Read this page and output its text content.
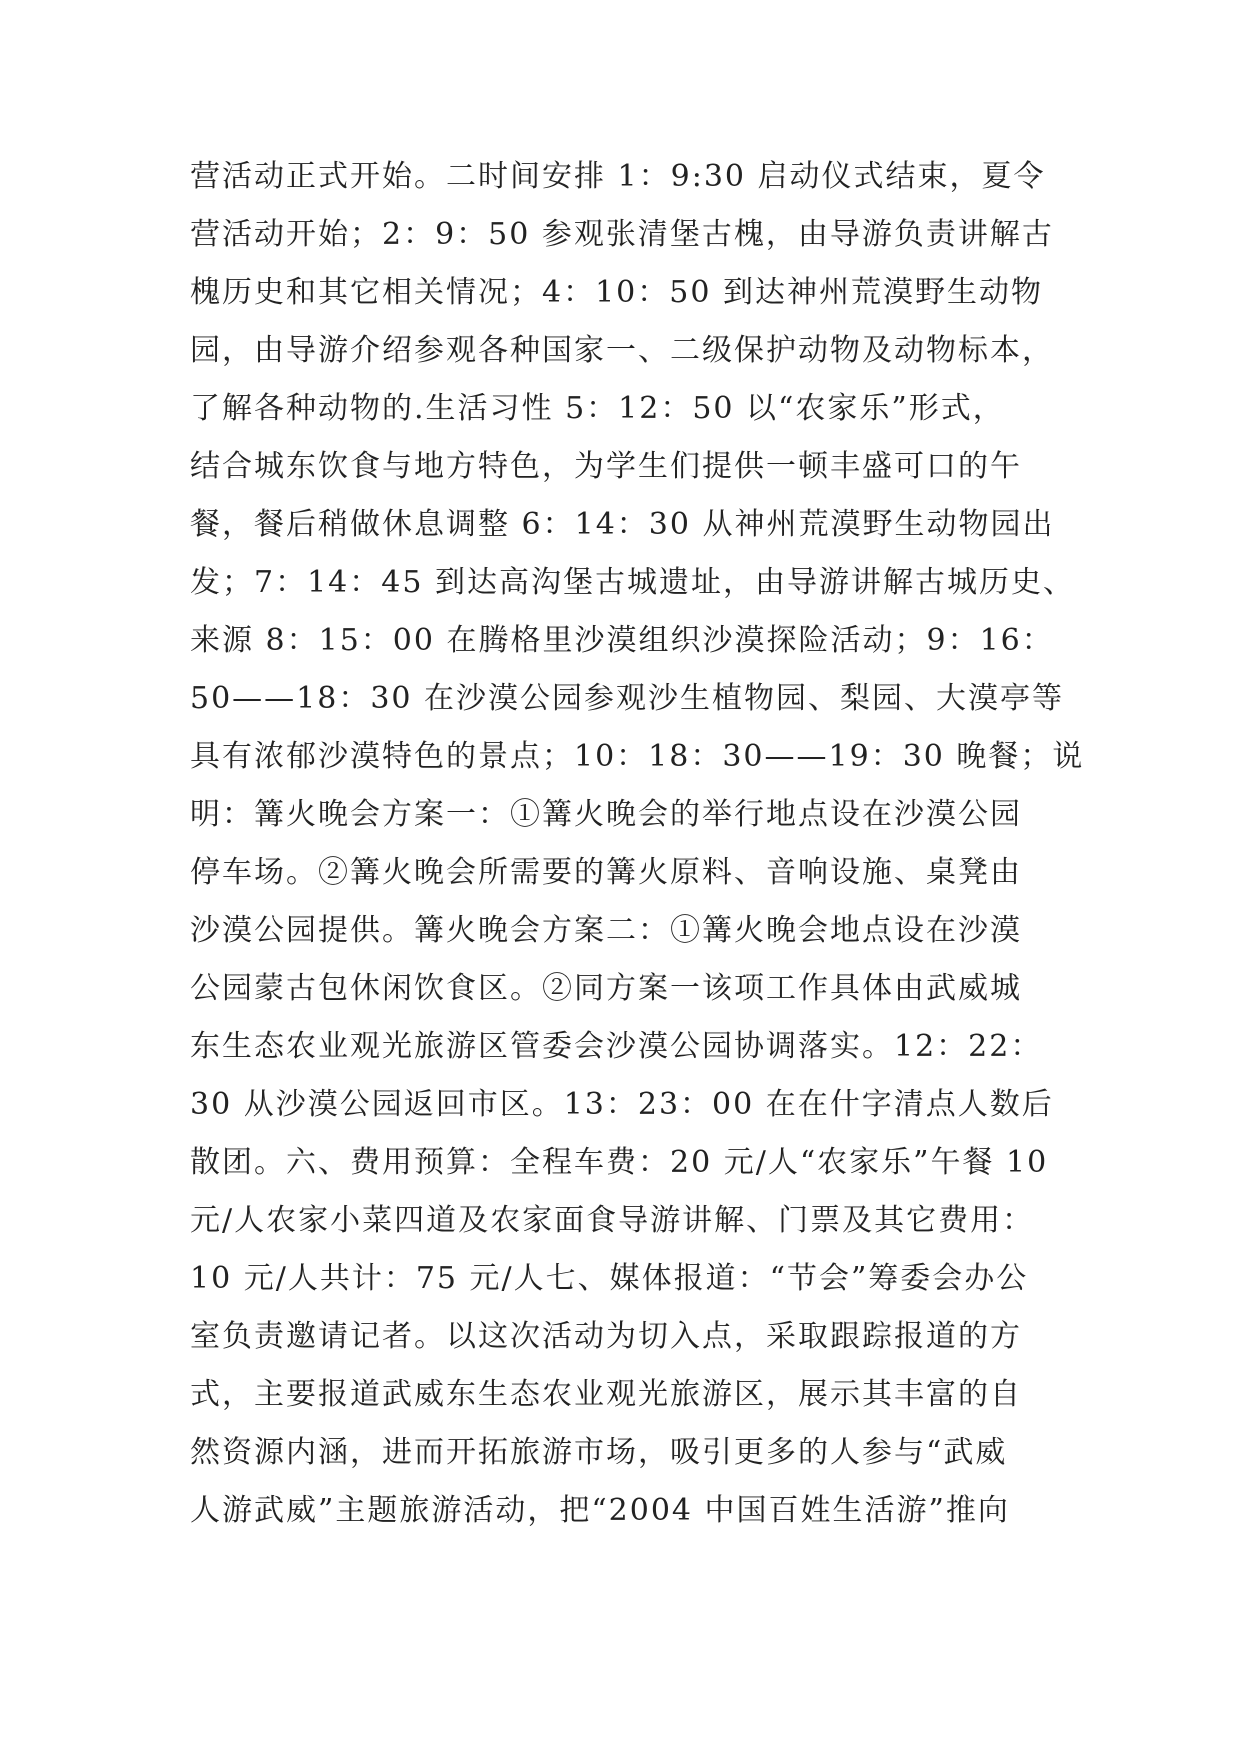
营活动正式开始。二时间安排 1：9:30 启动仪式结束，夏令
营活动开始；2：9：50 参观张清堡古槐，由导游负责讲解古
槐历史和其它相关情况；4：10：50 到达神州荒漠野生动物
园，由导游介绍参观各种国家一、二级保护动物及动物标本，
了解各种动物的.生活习性 5：12：50 以“农家乐”形式，
结合城东饮食与地方特色，为学生们提供一顿丰盛可口的午
餐，餐后稍做休息调整 6：14：30 从神州荒漠野生动物园出
发；7：14：45 到达高沟堡古城遗址，由导游讲解古城历史、
来源 8：15：00 在腾格里沙漠组织沙漠探险活动；9：16：
50——18：30 在沙漠公园参观沙生植物园、梨园、大漠亭等
具有浓郁沙漠特色的景点；10：18：30——19：30 晚餐；说
明：篝火晚会方案一：①篝火晚会的举行地点设在沙漠公园
停车场。②篝火晚会所需要的篝火原料、音响设施、桌凳由
沙漠公园提供。篝火晚会方案二：①篝火晚会地点设在沙漠
公园蒙古包休闲饮食区。②同方案一该项工作具体由武威城
东生态农业观光旅游区管委会沙漠公园协调落实。12：22：
30 从沙漠公园返回市区。13：23：00 在在什字清点人数后
散团。六、费用预算：全程车费：20 元/人“农家乐”午餐 10
元/人农家小菜四道及农家面食导游讲解、门票及其它费用：
10 元/人共计：75 元/人七、媒体报道：“节会”筹委会办公
室负责邀请记者。以这次活动为切入点，采取跟踪报道的方
式，主要报道武威东生态农业观光旅游区，展示其丰富的自
然资源内涵，进而开拓旅游市场，吸引更多的人参与“武威
人游武威”主题旅游活动，把“2004 中国百姓生活游”推向
